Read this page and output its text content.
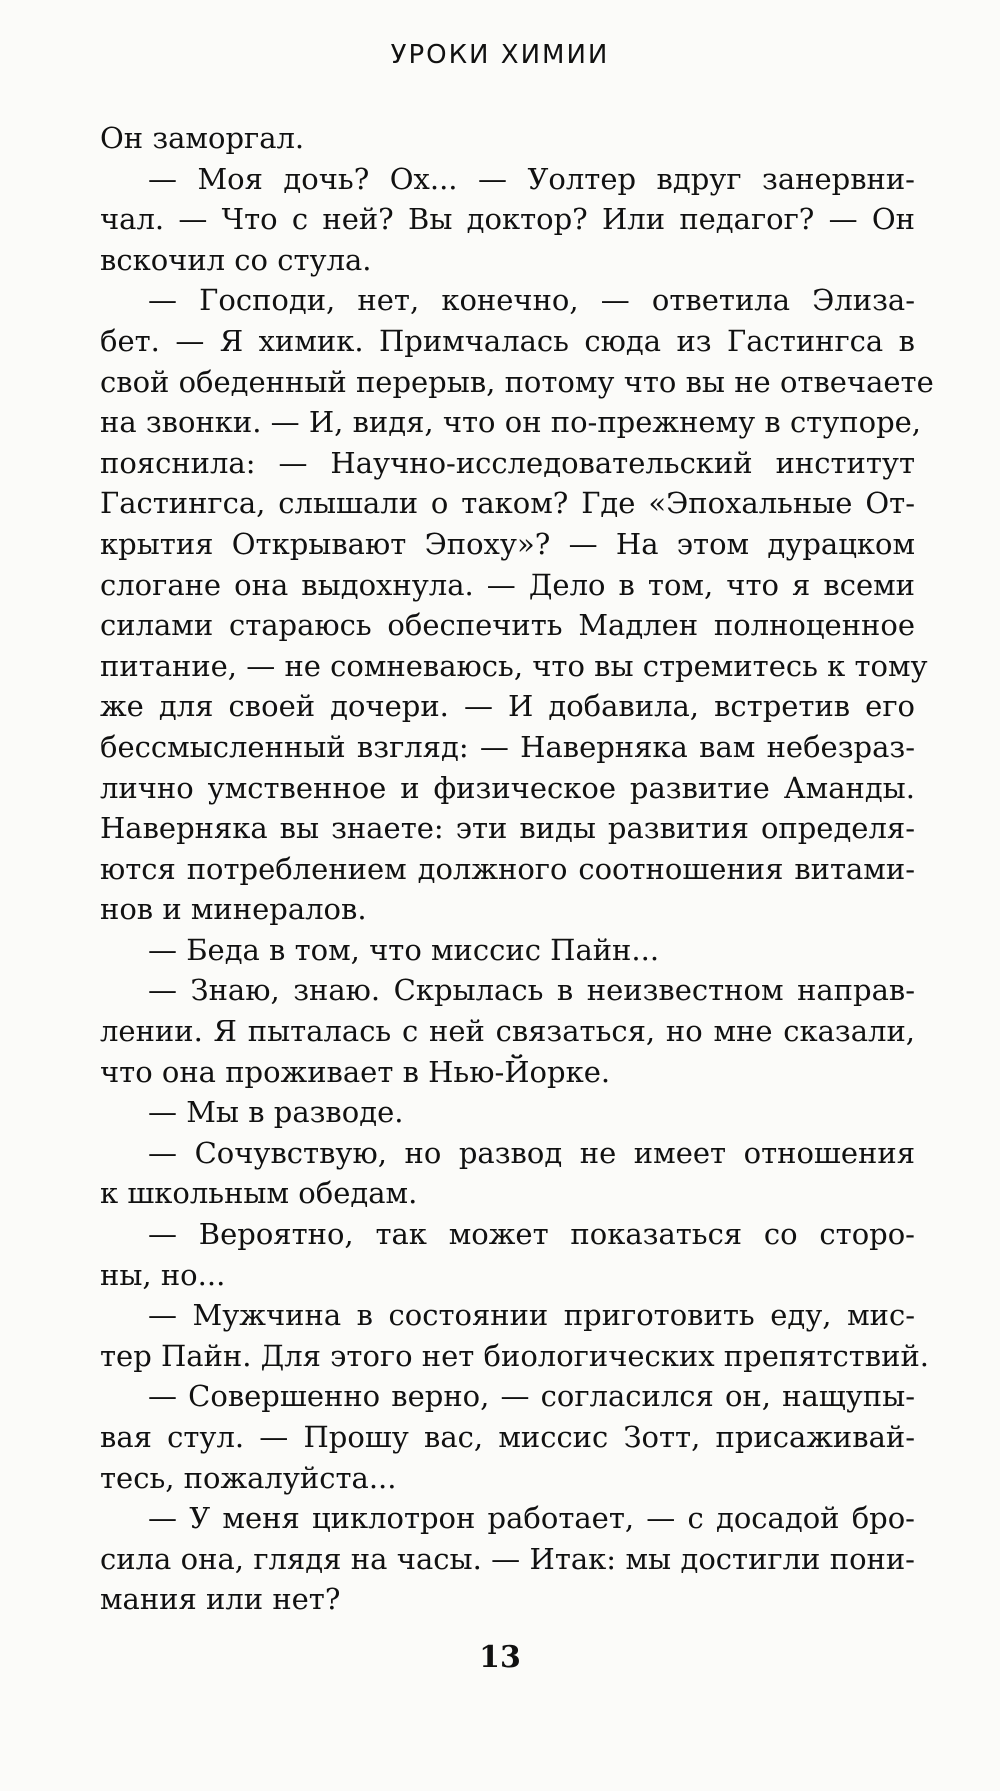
УРОКИ ХИМИИ
Он заморгал.
— Моя дочь? Ох... — Уолтер вдруг занервни-
чал. — Что с ней? Вы доктор? Или педагог? — Он
вскочил со стула.
— Господи, нет, конечно, — ответила Элиза-
бет. — Я химик. Примчалась сюда из Гастингса в
свой обеденный перерыв, потому что вы не отвечаете
на звонки. — И, видя, что он по-прежнему в ступоре,
пояснила: — Научно-исследовательский институт
Гастингса, слышали о таком? Где «Эпохальные От-
крытия Открывают Эпоху»? — На этом дурацком
слогане она выдохнула. — Дело в том, что я всеми
силами стараюсь обеспечить Мадлен полноценное
питание, — не сомневаюсь, что вы стремитесь к тому
же для своей дочери. — И добавила, встретив его
бессмысленный взгляд: — Наверняка вам небезраз-
лично умственное и физическое развитие Аманды.
Наверняка вы знаете: эти виды развития определя-
ются потреблением должного соотношения витами-
нов и минералов.
— Беда в том, что миссис Пайн...
— Знаю, знаю. Скрылась в неизвестном направ-
лении. Я пыталась с ней связаться, но мне сказали,
что она проживает в Нью-Йорке.
— Мы в разводе.
— Сочувствую, но развод не имеет отношения
к школьным обедам.
— Вероятно, так может показаться со сторо-
ны, но...
— Мужчина в состоянии приготовить еду, мис-
тер Пайн. Для этого нет биологических препятствий.
— Совершенно верно, — согласился он, нащупы-
вая стул. — Прошу вас, миссис Зотт, присаживай-
тесь, пожалуйста...
— У меня циклотрон работает, — с досадой бро-
сила она, глядя на часы. — Итак: мы достигли пони-
мания или нет?
13
